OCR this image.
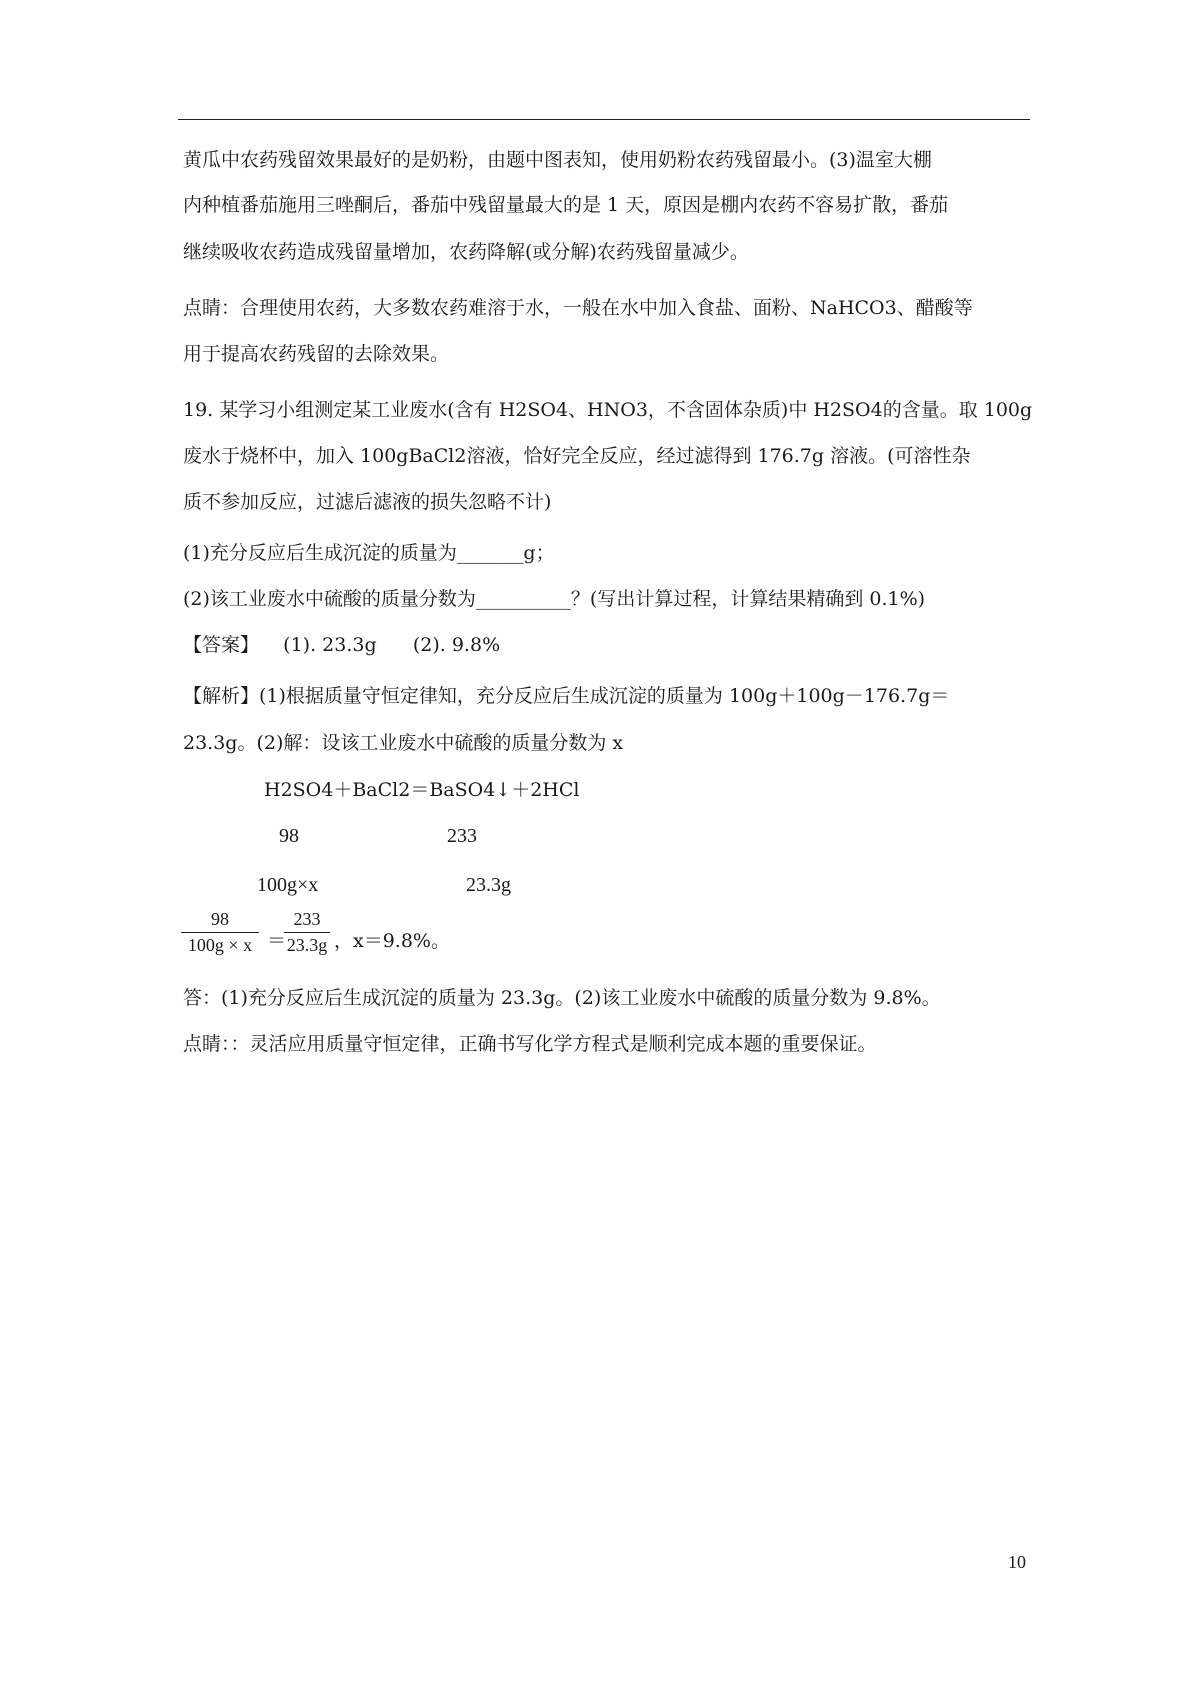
黄瓜中农药残留效果最好的是奶粉，由题中图表知，使用奶粉农药残留最小。(3)温室大棚
内种植番茄施用三唑酮后，番茄中残留量最大的是 1 天，原因是棚内农药不容易扩散，番茄
继续吸收农药造成残留量增加，农药降解(或分解)农药残留量减少。
点睛：合理使用农药，大多数农药难溶于水，一般在水中加入食盐、面粉、NaHCO3、醋酸等
用于提高农药残留的去除效果。
19. 某学习小组测定某工业废水(含有 H2SO4、HNO3，不含固体杂质)中 H2SO4的含量。取 100g
废水于烧杯中，加入 100gBaCl2溶液，恰好完全反应，经过滤得到 176.7g 溶液。(可溶性杂
质不参加反应，过滤后滤液的损失忽略不计)
(1)充分反应后生成沉淀的质量为_______g；
(2)该工业废水中硫酸的质量分数为__________？(写出计算过程，计算结果精确到 0.1%)
【答案】    (1). 23.3g      (2). 9.8%
【解析】(1)根据质量守恒定律知，充分反应后生成沉淀的质量为 100g＋100g－176.7g＝
23.3g。(2)解：设该工业废水中硫酸的质量分数为 x
H2SO4＋BaCl2＝BaSO4↓＋2HCl
98	233
100g×x	23.3g
98
100g × x ＝
233
23.3g ，x＝9.8%。
答：(1)充分反应后生成沉淀的质量为 23.3g。(2)该工业废水中硫酸的质量分数为 9.8%。
点睛：：灵活应用质量守恒定律，正确书写化学方程式是顺利完成本题的重要保证。
10
